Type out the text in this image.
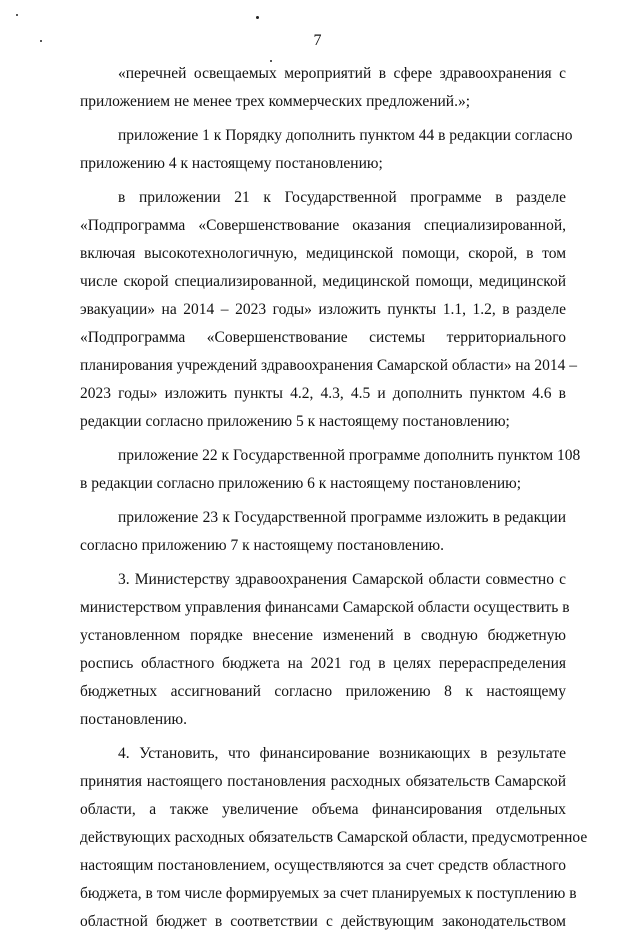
7
«перечней освещаемых мероприятий в сфере здравоохранения с
приложением не менее трех коммерческих предложений.»;
приложение 1 к Порядку дополнить пунктом 44 в редакции согласно
приложению 4 к настоящему постановлению;
в приложении 21 к Государственной программе в разделе
«Подпрограмма «Совершенствование оказания специализированной,
включая высокотехнологичную, медицинской помощи, скорой, в том
числе скорой специализированной, медицинской помощи, медицинской
эвакуации» на 2014 – 2023 годы» изложить пункты 1.1, 1.2, в разделе
«Подпрограмма «Совершенствование системы территориального
планирования учреждений здравоохранения Самарской области» на 2014 –
2023 годы» изложить пункты 4.2, 4.3, 4.5 и дополнить пунктом 4.6 в
редакции согласно приложению 5 к настоящему постановлению;
приложение 22 к Государственной программе дополнить пунктом 108
в редакции согласно приложению 6 к настоящему постановлению;
приложение 23 к Государственной программе изложить в редакции
согласно приложению 7 к настоящему постановлению.
3. Министерству здравоохранения Самарской области совместно с
министерством управления финансами Самарской области осуществить в
установленном порядке внесение изменений в сводную бюджетную
роспись областного бюджета на 2021 год в целях перераспределения
бюджетных ассигнований согласно приложению 8 к настоящему
постановлению.
4. Установить, что финансирование возникающих в результате
принятия настоящего постановления расходных обязательств Самарской
области, а также увеличение объема финансирования отдельных
действующих расходных обязательств Самарской области, предусмотренное
настоящим постановлением, осуществляются за счет средств областного
бюджета, в том числе формируемых за счет планируемых к поступлению в
областной бюджет в соответствии с действующим законодательством
